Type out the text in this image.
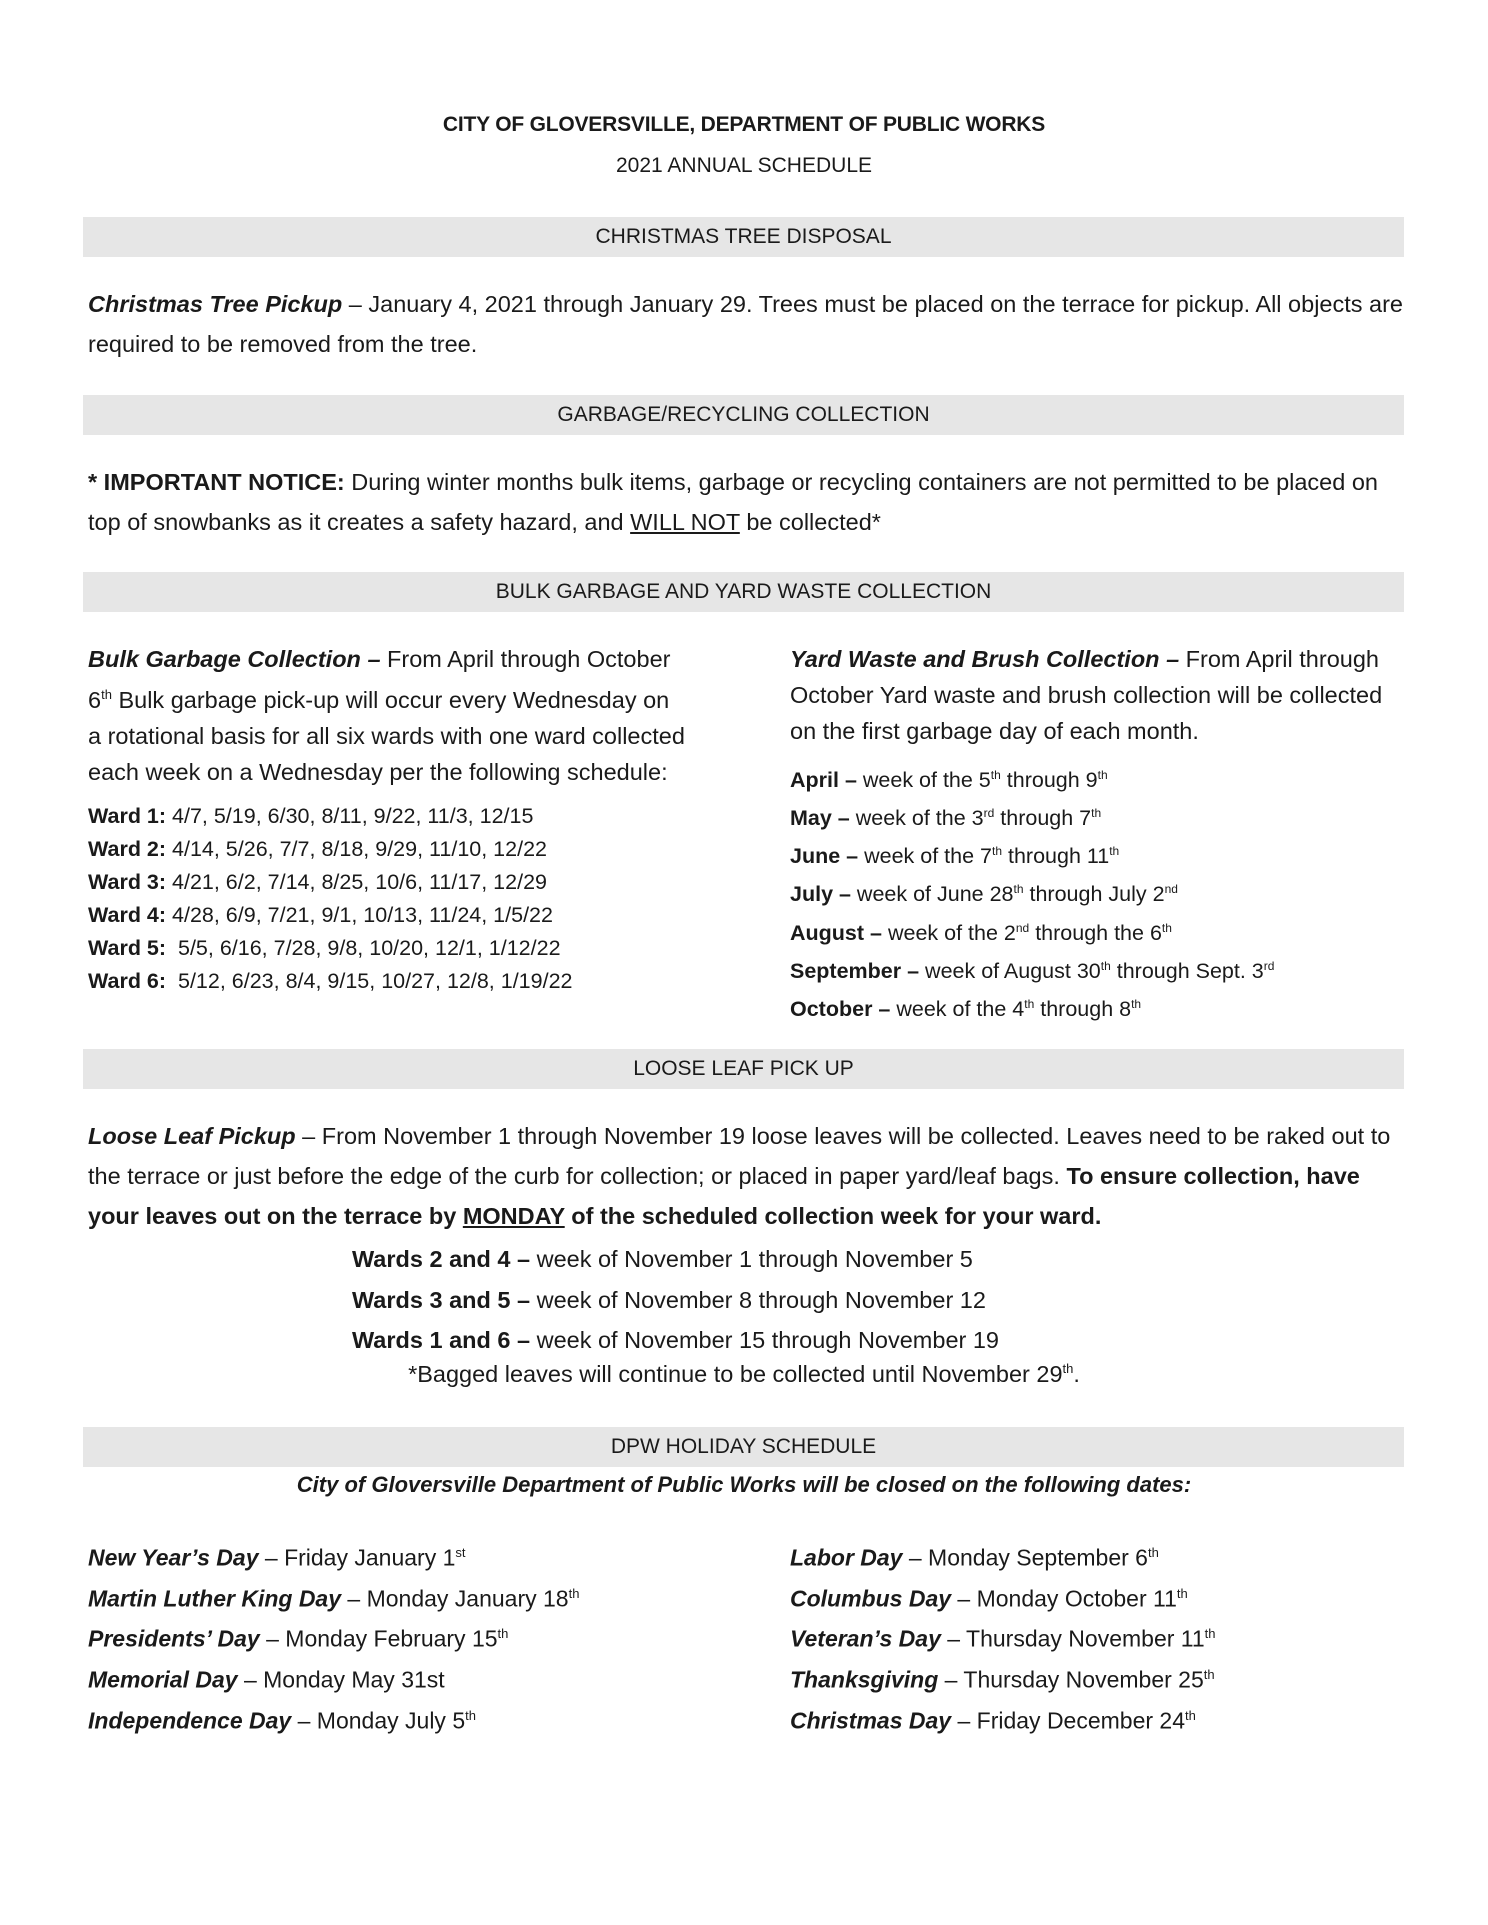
CITY OF GLOVERSVILLE, DEPARTMENT OF PUBLIC WORKS
2021 ANNUAL SCHEDULE
CHRISTMAS TREE DISPOSAL
Christmas Tree Pickup – January 4, 2021 through January 29. Trees must be placed on the terrace for pickup. All objects are required to be removed from the tree.
GARBAGE/RECYCLING COLLECTION
* IMPORTANT NOTICE: During winter months bulk items, garbage or recycling containers are not permitted to be placed on top of snowbanks as it creates a safety hazard, and WILL NOT be collected*
BULK GARBAGE AND YARD WASTE COLLECTION
Bulk Garbage Collection – From April through October 6th Bulk garbage pick-up will occur every Wednesday on a rotational basis for all six wards with one ward collected each week on a Wednesday per the following schedule:
Ward 1: 4/7, 5/19, 6/30, 8/11, 9/22, 11/3, 12/15
Ward 2: 4/14, 5/26, 7/7, 8/18, 9/29, 11/10, 12/22
Ward 3: 4/21, 6/2, 7/14, 8/25, 10/6, 11/17, 12/29
Ward 4: 4/28, 6/9, 7/21, 9/1, 10/13, 11/24, 1/5/22
Ward 5:  5/5, 6/16, 7/28, 9/8, 10/20, 12/1, 1/12/22
Ward 6:  5/12, 6/23, 8/4, 9/15, 10/27, 12/8, 1/19/22
Yard Waste and Brush Collection – From April through October Yard waste and brush collection will be collected on the first garbage day of each month.
April – week of the 5th through 9th
May – week of the 3rd through 7th
June – week of the 7th through 11th
July – week of June 28th through July 2nd
August – week of the 2nd through the 6th
September – week of August 30th through Sept. 3rd
October – week of the 4th through 8th
LOOSE LEAF PICK UP
Loose Leaf Pickup – From November 1 through November 19 loose leaves will be collected. Leaves need to be raked out to the terrace or just before the edge of the curb for collection; or placed in paper yard/leaf bags. To ensure collection, have your leaves out on the terrace by MONDAY of the scheduled collection week for your ward.
Wards 2 and 4 – week of November 1 through November 5
Wards 3 and 5 – week of November 8 through November 12
Wards 1 and 6 – week of November 15 through November 19
*Bagged leaves will continue to be collected until November 29th.
DPW HOLIDAY SCHEDULE
City of Gloversville Department of Public Works will be closed on the following dates:
New Year’s Day – Friday January 1st
Martin Luther King Day – Monday January 18th
Presidents’ Day – Monday February 15th
Memorial Day – Monday May 31st
Independence Day – Monday July 5th
Labor Day – Monday September 6th
Columbus Day – Monday October 11th
Veteran’s Day – Thursday November 11th
Thanksgiving – Thursday November 25th
Christmas Day – Friday December 24th
